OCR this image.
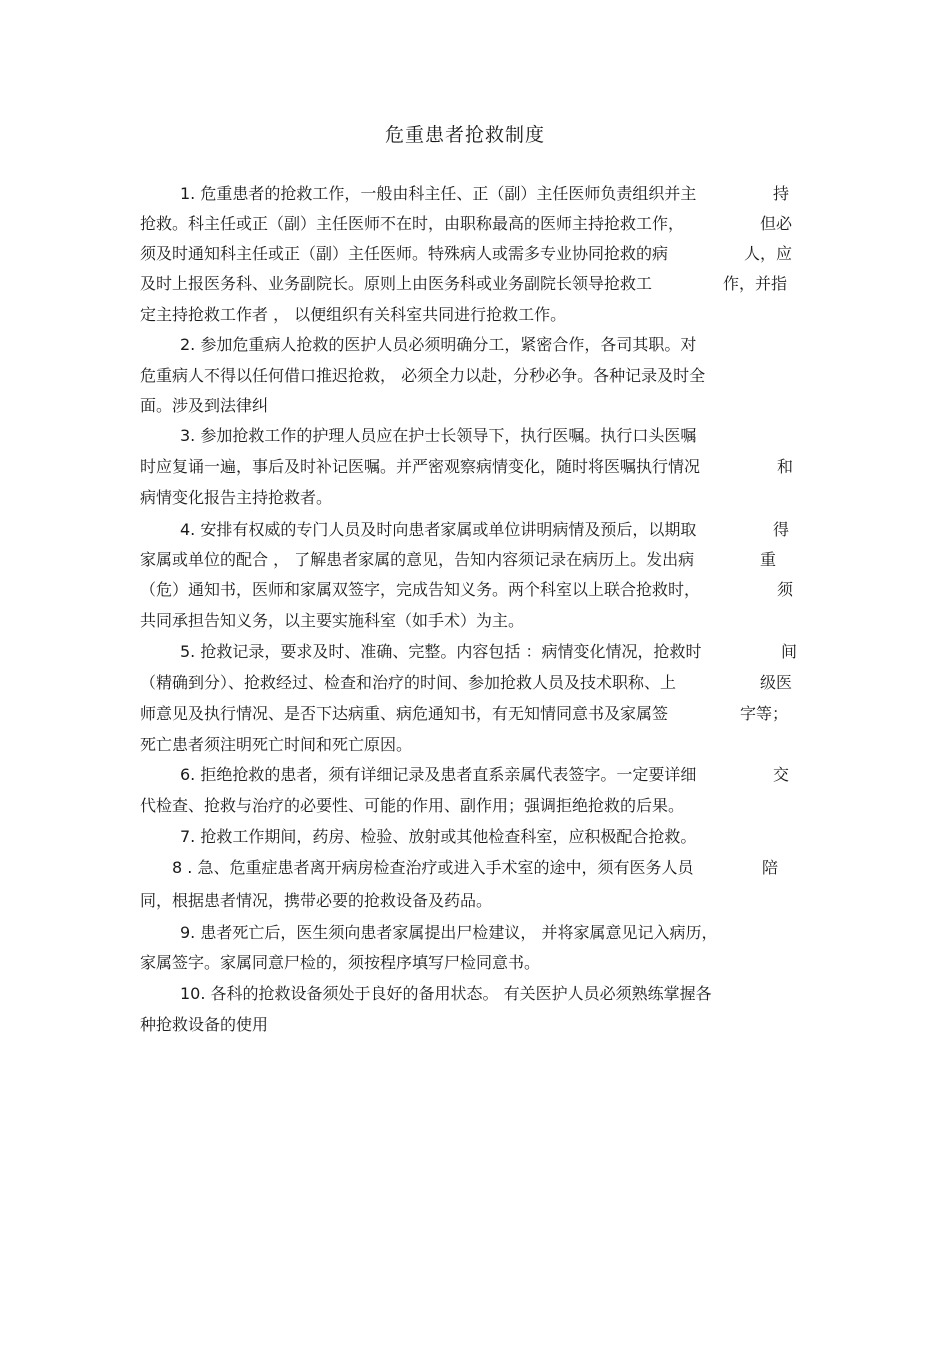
危重患者抢救制度
1. 危重患者的抢救工作，一般由科主任、正（副）主任医师负责组织并主	持
抢救。科主任或正（副）主任医师不在时，由职称最高的医师主持抢救工作，	但必
须及时通知科主任或正（副）主任医师。特殊病人或需多专业协同抢救的病	人，应
及时上报医务科、业务副院长。原则上由医务科或业务副院长领导抢救工	作，并指
定主持抢救工作者 ， 以便组织有关科室共同进行抢救工作。
2. 参加危重病人抢救的医护人员必须明确分工，紧密合作，各司其职。对
危重病人不得以任何借口推迟抢救， 必须全力以赴，分秒必争。各种记录及时全
面。涉及到法律纠
3. 参加抢救工作的护理人员应在护士长领导下，执行医嘱。执行口头医嘱
时应复诵一遍，事后及时补记医嘱。并严密观察病情变化，随时将医嘱执行情况	和
病情变化报告主持抢救者。
4. 安排有权威的专门人员及时向患者家属或单位讲明病情及预后，以期取	得
家属或单位的配合 ， 了解患者家属的意见，告知内容须记录在病历上。发出病	重
（危）通知书，医师和家属双签字，完成告知义务。两个科室以上联合抢救时，	须
共同承担告知义务，以主要实施科室（如手术）为主。
5. 抢救记录，要求及时、准确、完整。内容包括 ：病情变化情况，抢救时	间
（精确到分）、抢救经过、检查和治疗的时间、参加抢救人员及技术职称、上	级医
师意见及执行情况、是否下达病重、病危通知书，有无知情同意书及家属签	字等；
死亡患者须注明死亡时间和死亡原因。
6. 拒绝抢救的患者，须有详细记录及患者直系亲属代表签字。一定要详细	交
代检查、抢救与治疗的必要性、可能的作用、副作用；强调拒绝抢救的后果。
7. 抢救工作期间，药房、检验、放射或其他检查科室，应积极配合抢救。
8 . 急、危重症患者离开病房检查治疗或进入手术室的途中，须有医务人员	陪
同，根据患者情况，携带必要的抢救设备及药品。
9. 患者死亡后，医生须向患者家属提出尸检建议， 并将家属意见记入病历，
家属签字。家属同意尸检的，须按程序填写尸检同意书。
10. 各科的抢救设备须处于良好的备用状态。 有关医护人员必须熟练掌握各
种抢救设备的使用
